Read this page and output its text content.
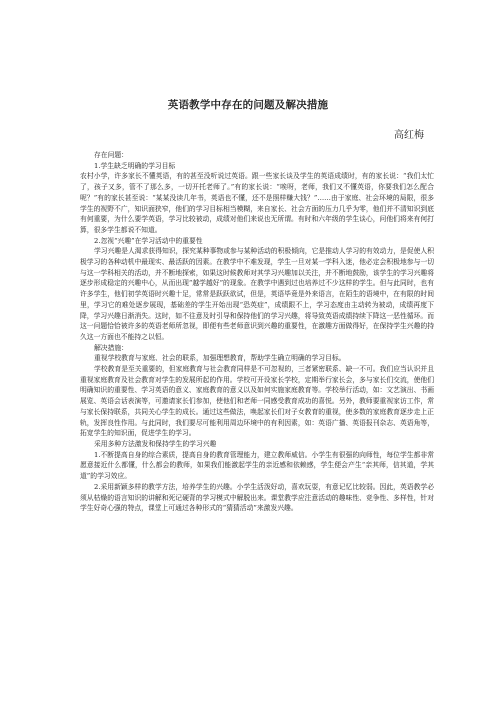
英语教学中存在的问题及解决措施
高红梅

存在问题：

1.学生缺乏明确的学习目标

农村小学，许多家长不懂英语，有的甚至没听说过英语。跟一些家长谈及学生的英语成绩时，有的家长说：“我们太忙了，孩子又多，管不了那么多，一切开托老师了。”有的家长说：“唉呀，老师，我们又不懂英语，你要我们怎么配合呢？”有的家长甚至说：“某某没读几年书，英语也不懂，还不是照样赚大钱？”……由于家庭、社会环境的局限，很多学生的视野不广，知识面狭窄，他们的学习目标相当模糊，来自家长、社会方面的压力几乎为零，他们并不清知识到底有何重要，为什么要学英语，学习比较被动，成绩对他们来说也无所谓。有时和六年级的学生谈心，问他们将来有何打算，很多学生都说不知道。

2.忽视“兴趣”在学习活动中的重要性

学习兴趣是人渴求获得知识，探究某种事物或参与某种活动的积极倾向，它是推动人学习的有效动力，是促使人积极学习的各种动机中最现实、最活跃的因素。在教学中不难发现，学生一旦对某一学科入迷，他必定会积极地参与一切与这一学科相关的活动，并不断地探索，如果这时候教师对其学习兴趣加以关注，并不断地鼓励，该学生的学习兴趣将逐步形成稳定的兴趣中心，从而出现“越学越好”的现象。在教学中遇到过也培养过不少这样的学生。但与此同时，也有许多学生，他们初学英语时兴趣十足，常常是跃跃欲试，但是，英语毕竟是外来语言，在陌生的语境中，在有限的时间里，学习它的难处逐步展现，基础差的学生开始出现“恐英症”，成绩跟不上，学习态度由主动转为被动，成绩再度下降，学习兴趣日渐消失。这时，如不往意及时引导和保持他们的学习兴趣，将导致英语成绩持续下降这一恶性循环。而这一问题恰恰被许多的英语老师所忽视，即便有些老师意识到兴趣的重要性，在激趣方面做得好，在保持学生兴趣的持久这一方面也不能持之以恒。

解决措施：

重视学校教育与家庭、社会的联系，加强理想教育，帮助学生确立明确的学习目标。

学校教育是至关重要的，但家庭教育与社会教育同样是不可忽视的，三者紧密联系、缺一不可。我们应当认识并且重视家庭教育及社会教育对学生的发展所起的作用。学校可开设家长学校，定期举行家长会，多与家长们交流，使他们明确知识的重要性、学习英语的意义、家庭教育的意义以及如何实施家庭教育等。学校举行活动，如：文艺演出、书画展览、英语会话表演等，可邀请家长们参加，使他们和老师一同感受教育成功的喜悦。另外，教师要重视家访工作，常与家长保持联系，共同关心学生的成长。通过这些做法，唤起家长们对子女教育的重视，使多数的家庭教育逐步走上正轨，发挥良性作用。与此同时，我们要尽可能利用周边环境中的有利因素，如：英语广播、英语报刊杂志、英语角等，拓宽学生的知识面，促进学生的学习。

采用多种方法激发和保持学生的学习兴趣

1.不断提高自身的综合素质，提高自身的教育管理能力，建立教师威信。小学生有很强的向师性，每位学生都非常愿意接近什么都懂，什么都会的教师，如果我们能激起学生的亲近感和依赖感，学生便会产生“亲其师，信其道，学其道”的学习效应。

2.采用新颖多样的教学方法，培养学生的兴趣。小学生活泼好动，喜欢玩耍，有意记忆比较弱。因此，英语教学必须从枯燥的语言知识的讲解和死记硬背的学习模式中解脱出来。课堂教学应注意活动的趣味性、竞争性、多样性，针对学生好奇心强的特点，课堂上可通过各种形式的“猜猜活动”来激发兴趣。
